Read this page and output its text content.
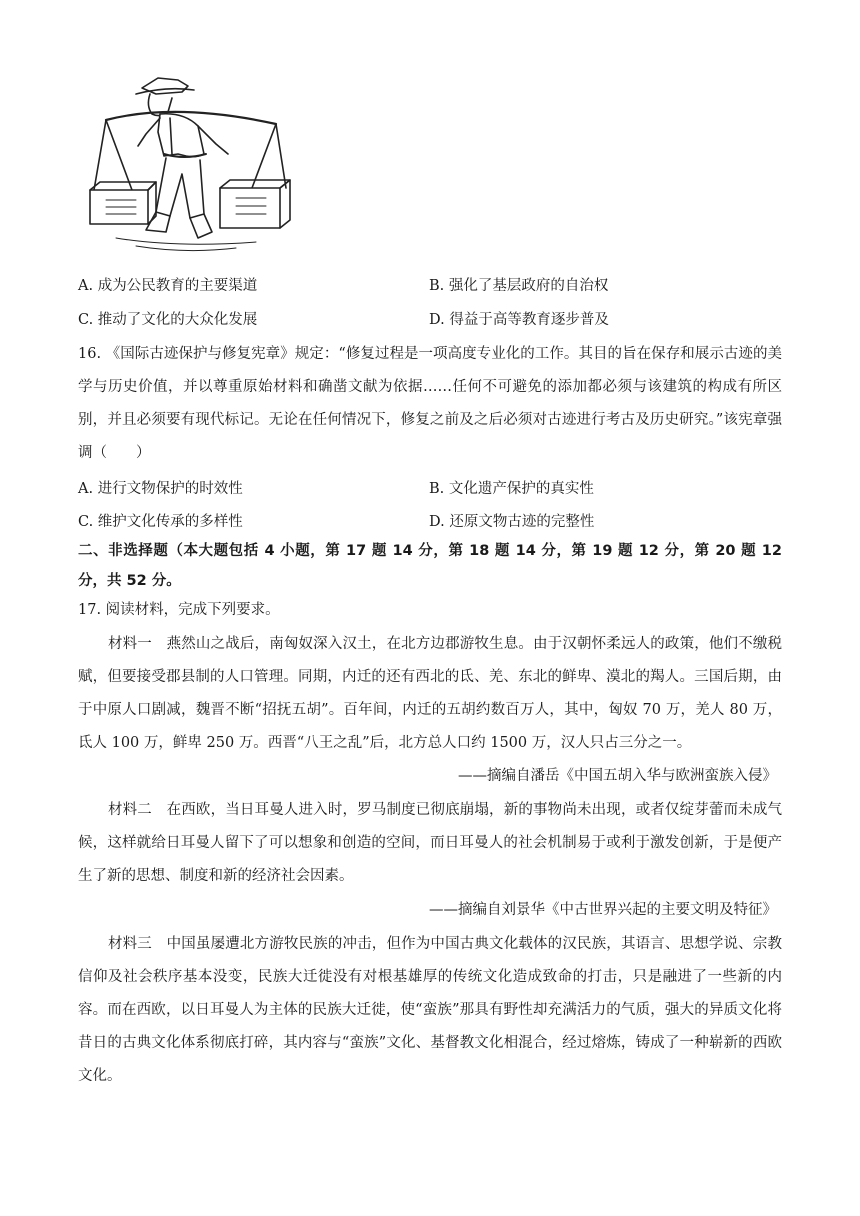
A. 成为公民教育的主要渠道	B. 强化了基层政府的自治权
C. 推动了文化的大众化发展	D. 得益于高等教育逐步普及
16. 《国际古迹保护与修复宪章》规定：“修复过程是一项高度专业化的工作。其目的旨在保存和展示古迹的美学与历史价值，并以尊重原始材料和确凿文献为依据……任何不可避免的添加都必须与该建筑的构成有所区别，并且必须要有现代标记。无论在任何情况下，修复之前及之后必须对古迹进行考古及历史研究。”该宪章强调（　　）
A. 进行文物保护的时效性	B. 文化遗产保护的真实性
C. 维护文化传承的多样性	D. 还原文物古迹的完整性
二、非选择题（本大题包括 4 小题，第 17 题 14 分，第 18 题 14 分，第 19 题 12 分，第 20 题 12 分，共 52 分。
17. 阅读材料，完成下列要求。
材料一　燕然山之战后，南匈奴深入汉土，在北方边郡游牧生息。由于汉朝怀柔远人的政策，他们不缴税赋，但要接受郡县制的人口管理。同期，内迁的还有西北的氐、羌、东北的鲜卑、漠北的羯人。三国后期，由于中原人口剧减，魏晋不断“招抚五胡”。百年间，内迁的五胡约数百万人，其中，匈奴 70 万，羌人 80 万，氐人 100 万，鲜卑 250 万。西晋“八王之乱”后，北方总人口约 1500 万，汉人只占三分之一。
——摘编自潘岳《中国五胡入华与欧洲蛮族入侵》
材料二　在西欧，当日耳曼人进入时，罗马制度已彻底崩塌，新的事物尚未出现，或者仅绽芽蕾而未成气候，这样就给日耳曼人留下了可以想象和创造的空间，而日耳曼人的社会机制易于或利于激发创新，于是便产生了新的思想、制度和新的经济社会因素。
——摘编自刘景华《中古世界兴起的主要文明及特征》
材料三　中国虽屡遭北方游牧民族的冲击，但作为中国古典文化载体的汉民族，其语言、思想学说、宗教信仰及社会秩序基本没变，民族大迁徙没有对根基雄厚的传统文化造成致命的打击，只是融进了一些新的内容。而在西欧，以日耳曼人为主体的民族大迁徙，使“蛮族”那具有野性却充满活力的气质，强大的异质文化将昔日的古典文化体系彻底打碎，其内容与“蛮族”文化、基督教文化相混合，经过熔炼，铸成了一种崭新的西欧文化。
